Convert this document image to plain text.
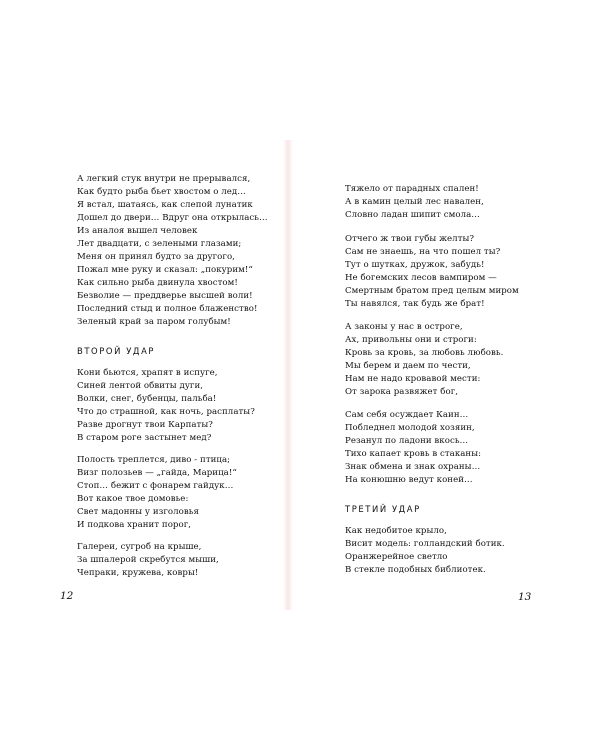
А легкий стук внутри не прерывался,
Как будто рыба бьет хвостом о лед…
Я встал, шатаясь, как слепой лунатик
Дошел до двери… Вдруг она открылась…
Из аналоя вышел человек
Лет двадцати, с зелеными глазами;
Меня он принял будто за другого,
Пожал мне руку и сказал: „покурим!“
Как сильно рыба двинула хвостом!
Безволие — преддверье высшей воли!
Последний стыд и полное блаженство!
Зеленый край за паром голубым!
ВТОРОЙ УДАР
Кони бьются, храпят в испуге,
Синей лентой обвиты дуги,
Волки, снег, бубенцы, пальба!
Что до страшной, как ночь, расплаты?
Разве дрогнут твои Карпаты?
В старом роге застынет мед?
Полость треплется, диво - птица;
Визг полозьев — „гайда, Марица!“
Стоп… бежит с фонарем гайдук…
Вот какое твое домовье:
Свет мадонны у изголовья
И подкова хранит порог,
Галереи, сугроб на крыше,
За шпалерой скребутся мыши,
Чепраки, кружева, ковры!
12
Тяжело от парадных спален!
А в камин целый лес навален,
Словно ладан шипит смола…
Отчего ж твои губы желты?
Сам не знаешь, на что пошел ты?
Тут о шутках, дружок, забудь!
Не богемских лесов вампиром —
Смертным братом пред целым миром
Ты навялся, так будь же брат!
А законы у нас в остроге,
Ах, привольны они и строги:
Кровь за кровь, за любовь любовь.
Мы берем и даем по чести,
Нам не надо кровавой мести:
От зарока развяжет бог,
Сам себя осуждает Каин…
Побледнел молодой хозяин,
Резанул по ладони вкось…
Тихо капает кровь в стаканы:
Знак обмена и знак охраны…
На конюшню ведут коней…
ТРЕТИЙ УДАР
Как недобитое крыло,
Висит модель: голландский ботик.
Оранжерейное светло
В стекле подобных библиотек.
13
